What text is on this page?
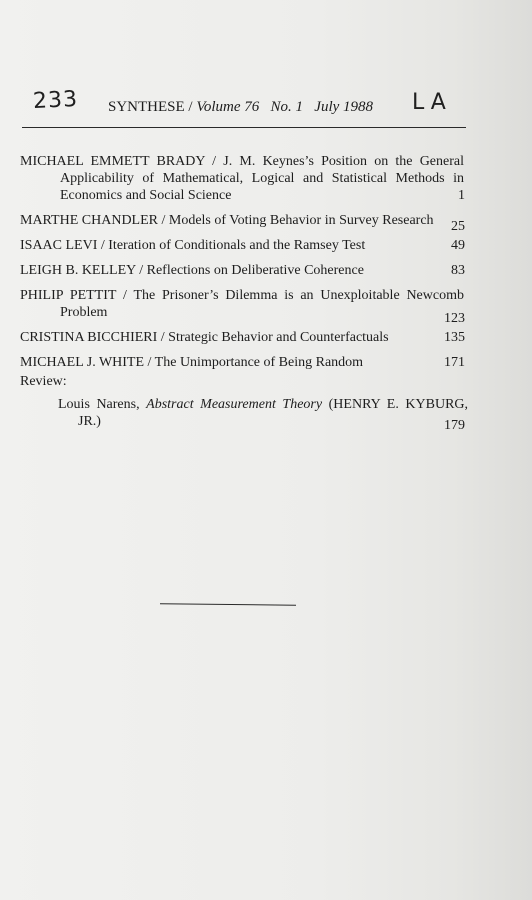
233	LA
SYNTHESE / Volume 76 No. 1 July 1988
MICHAEL EMMETT BRADY / J. M. Keynes’s Position on the General Applicability of Mathematical, Logical and Statistical Methods in Economics and Social Science	1
MARTHE CHANDLER / Models of Voting Behavior in Survey Research	25
ISAAC LEVI / Iteration of Conditionals and the Ramsey Test	49
LEIGH B. KELLEY / Reflections on Deliberative Coherence	83
PHILIP PETTIT / The Prisoner’s Dilemma is an Unexploitable Newcomb Problem	123
CRISTINA BICCHIERI / Strategic Behavior and Counterfactuals	135
MICHAEL J. WHITE / The Unimportance of Being Random	171
Review:
Louis Narens, Abstract Measurement Theory (HENRY E. KYBURG, JR.)	179
